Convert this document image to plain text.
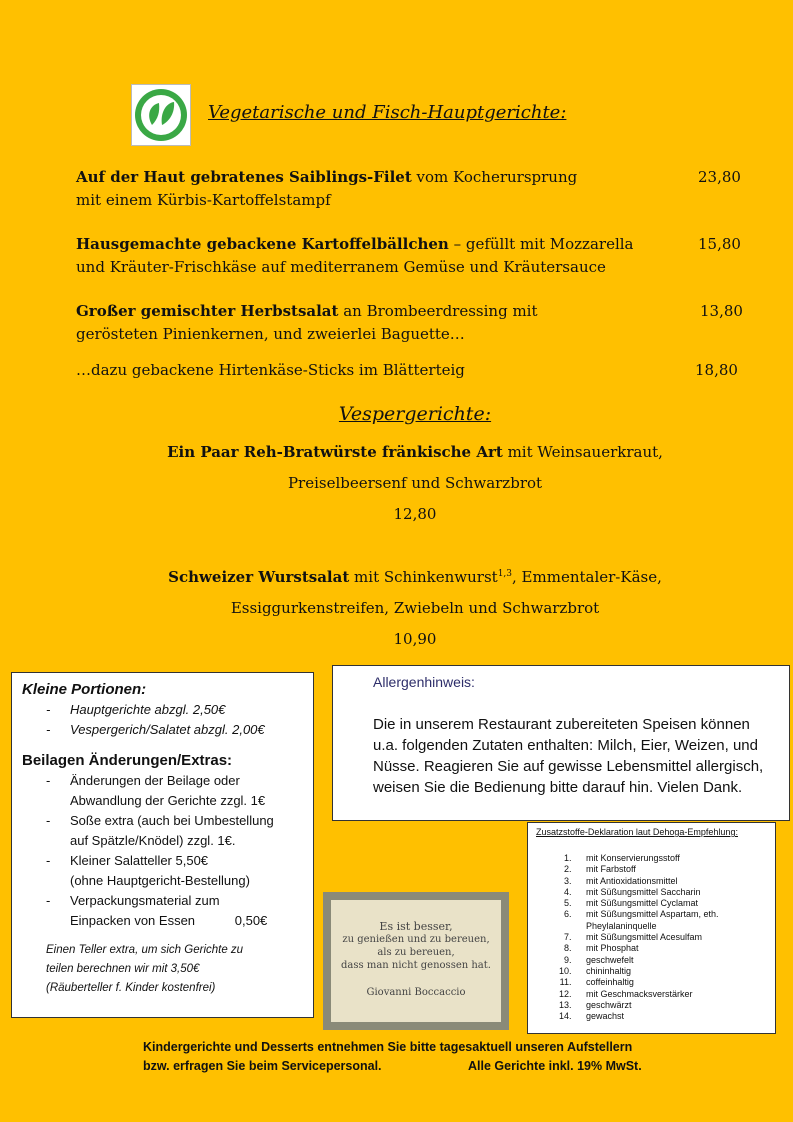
Vegetarische und Fisch-Hauptgerichte:
Auf der Haut gebratenes Saiblings-Filet vom Kocherursprung
mit einem Kürbis-Kartoffelstampf
23,80
Hausgemachte gebackene Kartoffelbällchen – gefüllt mit Mozzarella
und Kräuter-Frischkäse auf mediterranem Gemüse und Kräutersauce
15,80
Großer gemischter Herbstsalat an Brombeerdressing mit
gerösteten Pinienkernen, und zweierlei Baguette…
13,80
…dazu gebackene Hirtenkäse-Sticks im Blätterteig	18,80
Vespergerichte:
Ein Paar Reh-Bratwürste fränkische Art mit Weinsauerkraut,
Preiselbeersenf und Schwarzbrot
12,80
Schweizer Wurstsalat mit Schinkenwurst$^{1,3}$, Emmentaler-Käse,
Essiggurkenstreifen, Zwiebeln und Schwarzbrot
10,90
Kleine Portionen:
- Hauptgerichte abzgl. 2,50€
- Vespergerich/Salatet abzgl. 2,00€
Beilagen Änderungen/Extras:
- Änderungen der Beilage oder
Abwandlung der Gerichte zzgl. 1€
- Soße extra (auch bei Umbestellung
auf Spätzle/Knödel) zzgl. 1€.
- Kleiner Salatteller 5,50€
(ohne Hauptgericht-Bestellung)
- Verpackungsmaterial zum
Einpacken von Essen           0,50€
Einen Teller extra, um sich Gerichte zu
teilen berechnen wir mit 3,50€
(Räuberteller f. Kinder kostenfrei)
Allergenhinweis:
Die in unserem Restaurant zubereiteten Speisen können u.a. folgenden Zutaten enthalten: Milch, Eier, Weizen, und Nüsse. Reagieren Sie auf gewisse Lebensmittel allergisch, weisen Sie die Bedienung bitte darauf hin. Vielen Dank.
Zusatzstoffe-Deklaration laut Dehoga-Empfehlung:
1. mit Konservierungsstoff
2. mit Farbstoff
3. mit Antioxidationsmittel
4. mit Süßungsmittel Saccharin
5. mit Süßungsmittel Cyclamat
6. mit Süßungsmittel Aspartam, eth. Pheylalaninquelle
7. mit Süßungsmittel Acesulfam
8. mit Phosphat
9. geschwefelt
10. chininhaltig
11. coffeinhaltig
12. mit Geschmacksverstärker
13. geschwärzt
14. gewachst
Es ist besser,
zu genießen und zu bereuen,
als zu bereuen,
dass man nicht genossen hat.
Giovanni Boccaccio
Kindergerichte und Desserts entnehmen Sie bitte tagesaktuell unseren Aufstellern
bzw. erfragen Sie beim Servicepersonal.	Alle Gerichte inkl. 19% MwSt.
